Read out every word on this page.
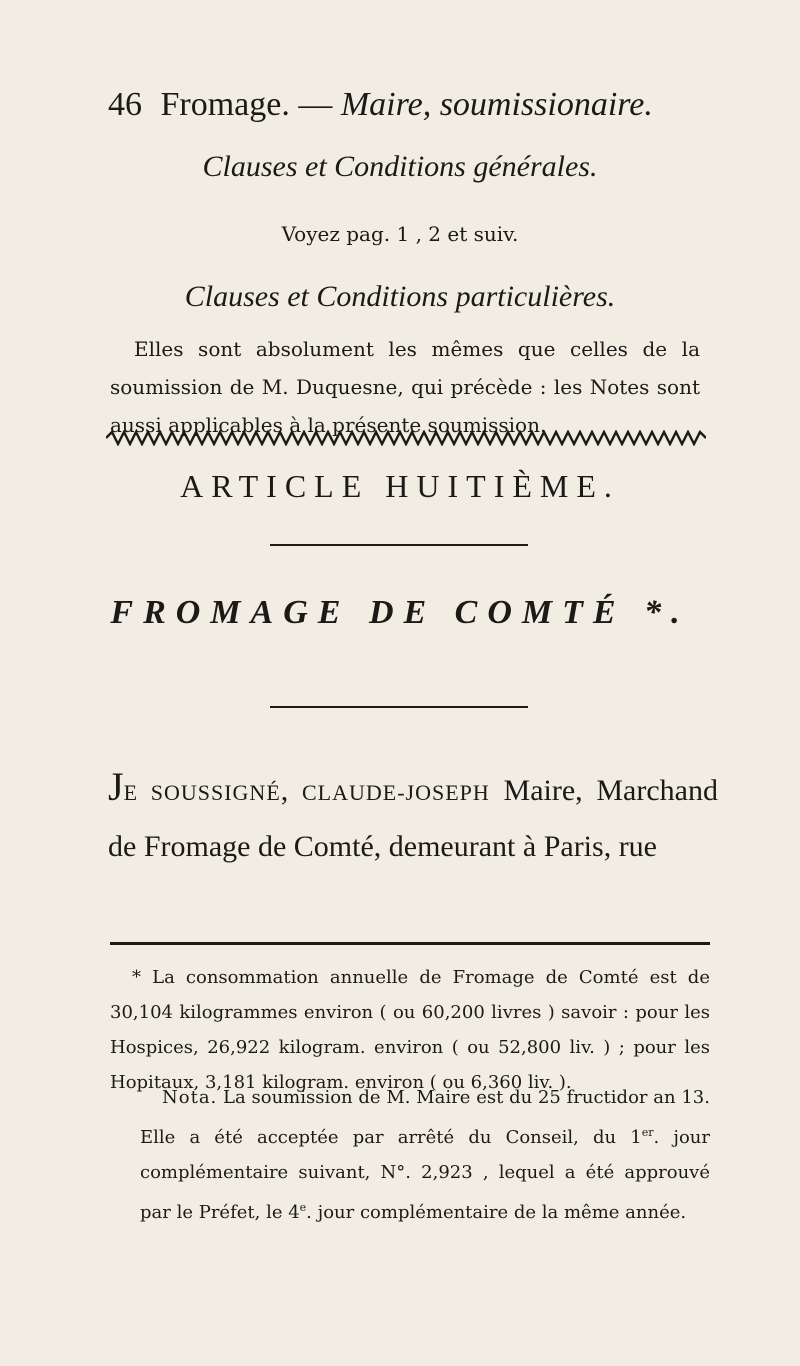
46 Fromage. — Maire, soumissionaire.
Clauses et Conditions générales.
Voyez pag. 1 , 2 et suiv.
Clauses et Conditions particulières.
Elles sont absolument les mêmes que celles de la soumission de M. Duquesne, qui précède : les Notes sont aussi applicables à la présente soumission.
ARTICLE HUITIÈME.
FROMAGE DE COMTÉ *.
JE SOUSSIGNÉ, CLAUDE-JOSEPH Maire, Marchand de Fromage de Comté, demeurant à Paris, rue
* La consommation annuelle de Fromage de Comté est de 30,104 kilogrammes environ ( ou 60,200 livres ) savoir : pour les Hospices, 26,922 kilogram. environ ( ou 52,800 liv. ) ; pour les Hopitaux, 3,181 kilogram. environ ( ou 6,360 liv. ).
Nota. La soumission de M. Maire est du 25 fructidor an 13. Elle a été acceptée par arrêté du Conseil, du 1er. jour complémentaire suivant, N°. 2,923 , lequel a été approuvé par le Préfet, le 4e. jour complémentaire de la même année.
